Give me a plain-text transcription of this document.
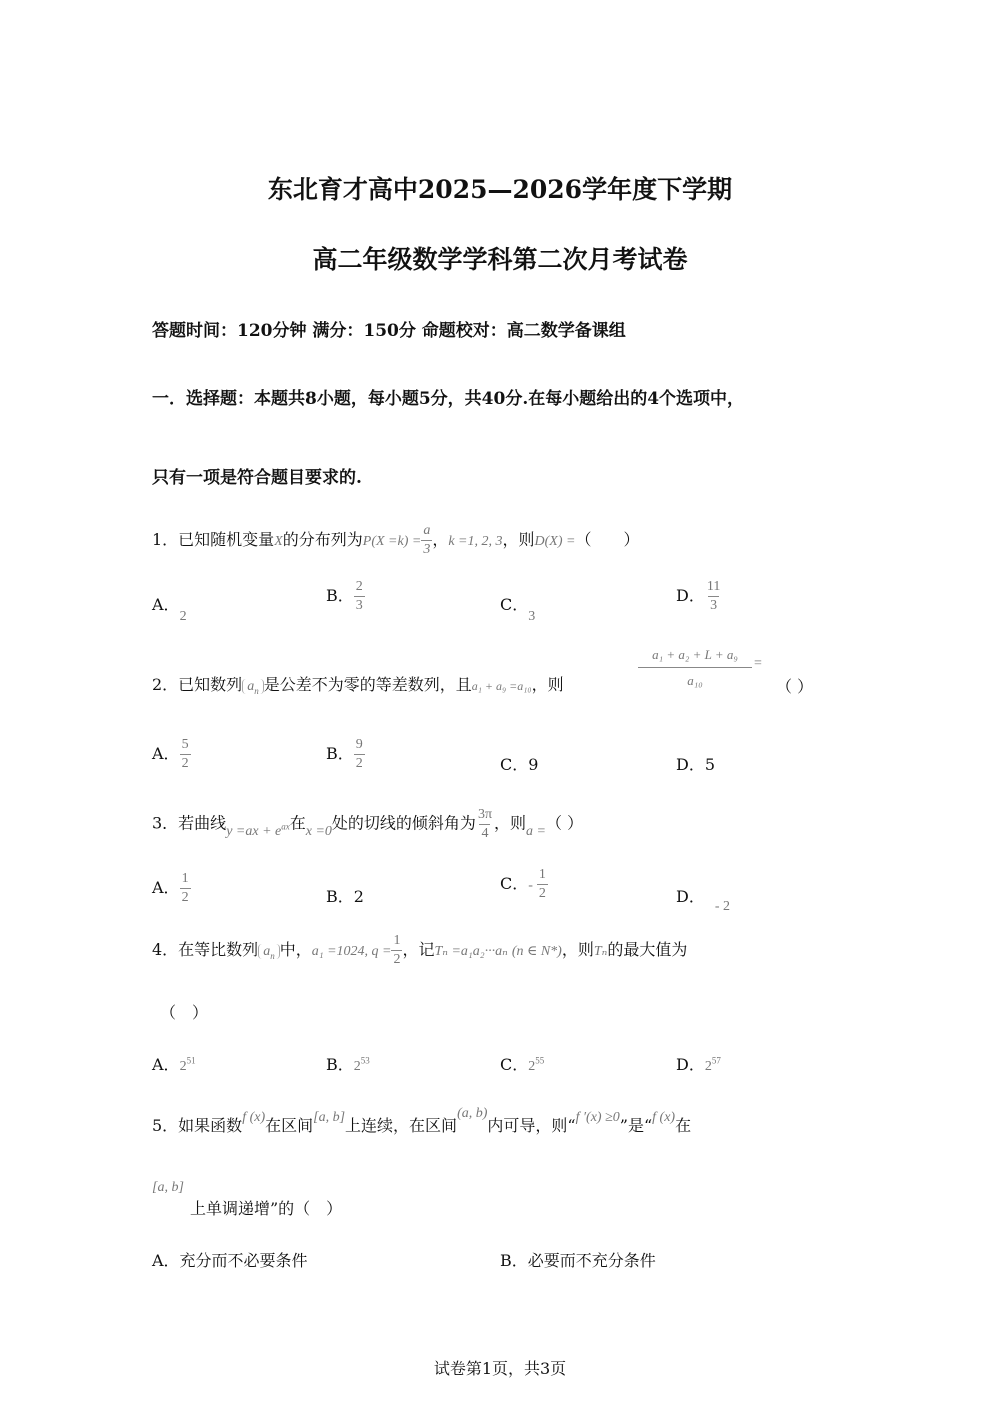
东北育才高中2025—2026学年度下学期
高二年级数学学科第二次月考试卷
答题时间：120分钟 满分：150分 命题校对：高二数学备课组
一．选择题：本题共8小题，每小题5分，共40分.在每小题给出的4个选项中，
只有一项是符合题目要求的.
1．已知随机变量X的分布列为$P(X =k) = \frac{a}{3}$ ，k =1, 2, 3，则D(X) =（　　）
A．2
B． $\frac{2}{3}$	C．3
D． $\frac{11}{3}$
2．已知数列 $a_n$ 是公差不为零的等差数列，且a₁ + a₉ =a₁₀，则	$\frac{\text{a₁ + a₂ + L + a₉}}{\text{a₁₀}}$ =
（ ）
A． $\frac{5}{2}$	B． $\frac{9}{2}$	C．9	D．5
3．若曲线$y =ax + e^{ax}$在x =0处的切线的倾斜角为 $\frac{3\pi}{4}$ ，则a =（ ）
A． $\frac{1}{2}$	B．2
C．- $\frac{1}{2}$	D．- 2
4．在等比数列 $a_n$ 中，a₁ =1024, $q = \frac{1}{2}$ ，记Tₙ =a₁a₂···aₙ (n ∈ N*)，则Tₙ的最大值为
（　）
A．$2^{51}$	B．$2^{53}$	C．$2^{55}$	D．$2^{57}$
5．如果函数f (x)在区间[a, b]上连续，在区间(a, b)内可导，则“f ′(x) ≥0”是“f (x)在
[a, b]
上单调递增”的（　）
A．充分而不必要条件	B．必要而不充分条件
试卷第1页，共3页
